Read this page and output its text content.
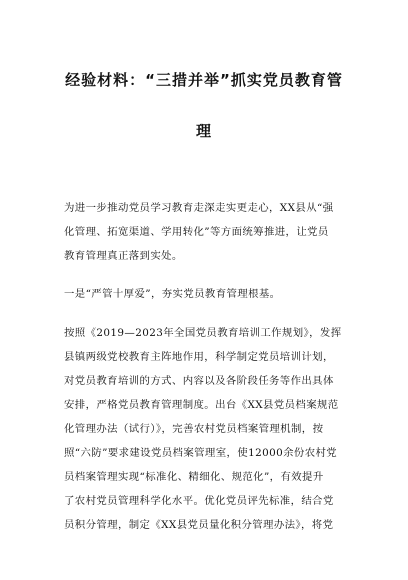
经验材料：“三措并举”抓实党员教育管
理

为进一步推动党员学习教育走深走实更走心，XX县从“强
化管理、拓宽渠道、学用转化”等方面统筹推进，让党员
教育管理真正落到实处。

一是“严管十厚爱”，夯实党员教育管理根基。

按照《2019—2023年全国党员教育培训工作规划》，发挥
县镇两级党校教育主阵地作用，科学制定党员培训计划，
对党员教育培训的方式、内容以及各阶段任务等作出具体
安排，严格党员教育管理制度。出台《XX县党员档案规范
化管理办法（试行）》，完善农村党员档案管理机制，按
照“六防”要求建设党员档案管理室，使12000余份农村党
员档案管理实现“标准化、精细化、规范化”，有效提升
了农村党员管理科学化水平。优化党员评先标准，结合党
员积分管理，制定《XX县党员量化积分管理办法》，将党
